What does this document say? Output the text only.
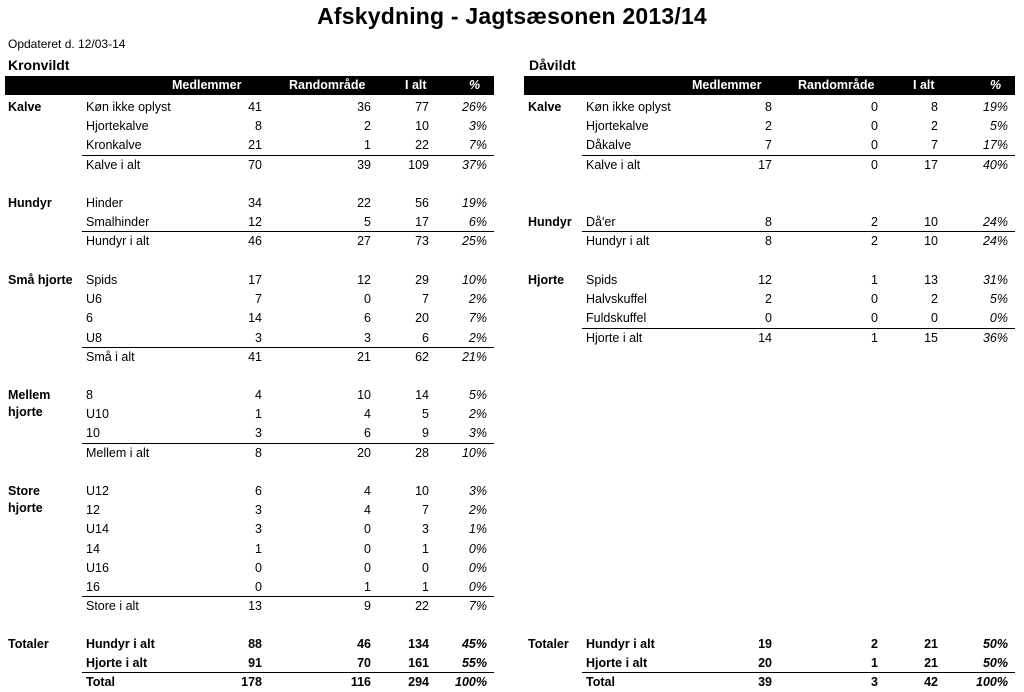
Afskydning - Jagtsæsonen 2013/14
Opdateret d. 12/03-14
Kronvildt	Dåvildt
Medlemmer	Randområde	I alt	%	Medlemmer	Randområde	I alt	%
Kalve	Køn ikke oplyst	41	36	77	26%
Hjortekalve	8	2	10	3%
Kronkalve	21	1	22	7%
Kalve i alt	70	39	109	37%
Hundyr	Hinder	34	22	56	19%
Smalhinder	12	5	17	6%
Hundyr i alt	46	27	73	25%
Små hjorte	Spids	17	12	29	10%
U6	7	0	7	2%
6	14	6	20	7%
U8	3	3	6	2%
Små i alt	41	21	62	21%
Mellem hjorte
8	4	10	14	5%
U10	1	4	5	2%
10	3	6	9	3%
Mellem i alt	8	20	28	10%
Store hjorte
U12	6	4	10	3%
12	3	4	7	2%
U14	3	0	3	1%
14	1	0	1	0%
U16	0	0	0	0%
16	0	1	1	0%
Store i alt	13	9	22	7%
Totaler	Hundyr i alt	88	46	134	45%
Hjorte i alt	91	70	161	55%
Total	178	116	294	100%
Kalve	Køn ikke oplyst	8	0	8	19%
Hjortekalve	2	0	2	5%
Dåkalve	7	0	7	17%
Kalve i alt	17	0	17	40%
Hundyr	Då'er	8	2	10	24%
Hundyr i alt	8	2	10	24%
Hjorte	Spids	12	1	13	31%
Halvskuffel	2	0	2	5%
Fuldskuffel	0	0	0	0%
Hjorte i alt	14	1	15	36%
Totaler	Hundyr i alt	19	2	21	50%
Hjorte i alt	20	1	21	50%
Total	39	3	42	100%
